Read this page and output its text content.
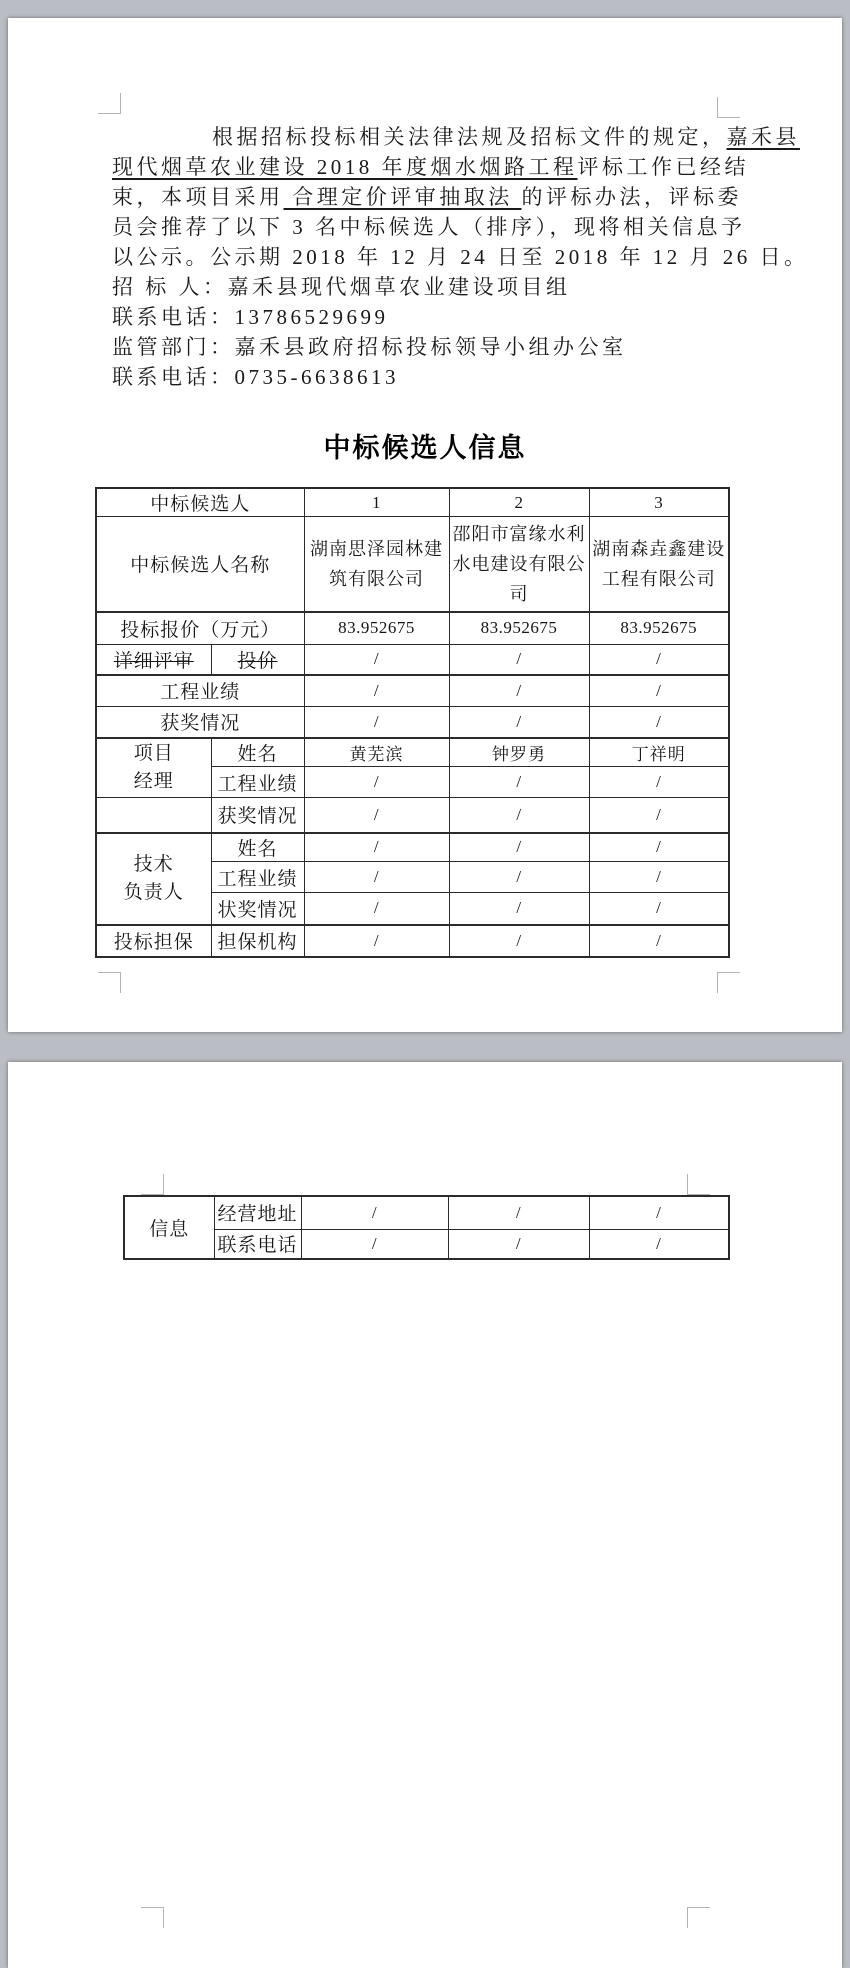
根据招标投标相关法律法规及招标文件的规定，嘉禾县
现代烟草农业建设 2018 年度烟水烟路工程评标工作已经结
束，本项目采用 合理定价评审抽取法 的评标办法，评标委
员会推荐了以下 3 名中标候选人（排序），现将相关信息予
以公示。公示期 2018 年 12 月 24 日至 2018 年 12 月 26 日。
招 标 人：嘉禾县现代烟草农业建设项目组
联系电话：13786529699
监管部门：嘉禾县政府招标投标领导小组办公室
联系电话：0735-6638613
中标候选人信息
中标候选人		1	2	3
中标候选人名称		湖南思泽园林建筑有限公司	邵阳市富缘水利水电建设有限公司	湖南森垚鑫建设工程有限公司
投标报价（万元）		83.952675	83.952675	83.952675
详细评审	投价	/	/	/
工程业绩		/	/	/
获奖情况		/	/	/

项目
经理	姓名	黄芜滨	钟罗勇	丁祥明
	工程业绩	/	/	/
	获奖情况	/	/	/

技术
负责人	姓名	/	/	/
	工程业绩	/	/	/
	状奖情况	/	/	/
投标担保	担保机构	/	/	/
信息	经营地址	/	/	/
	联系电话	/	/	/
